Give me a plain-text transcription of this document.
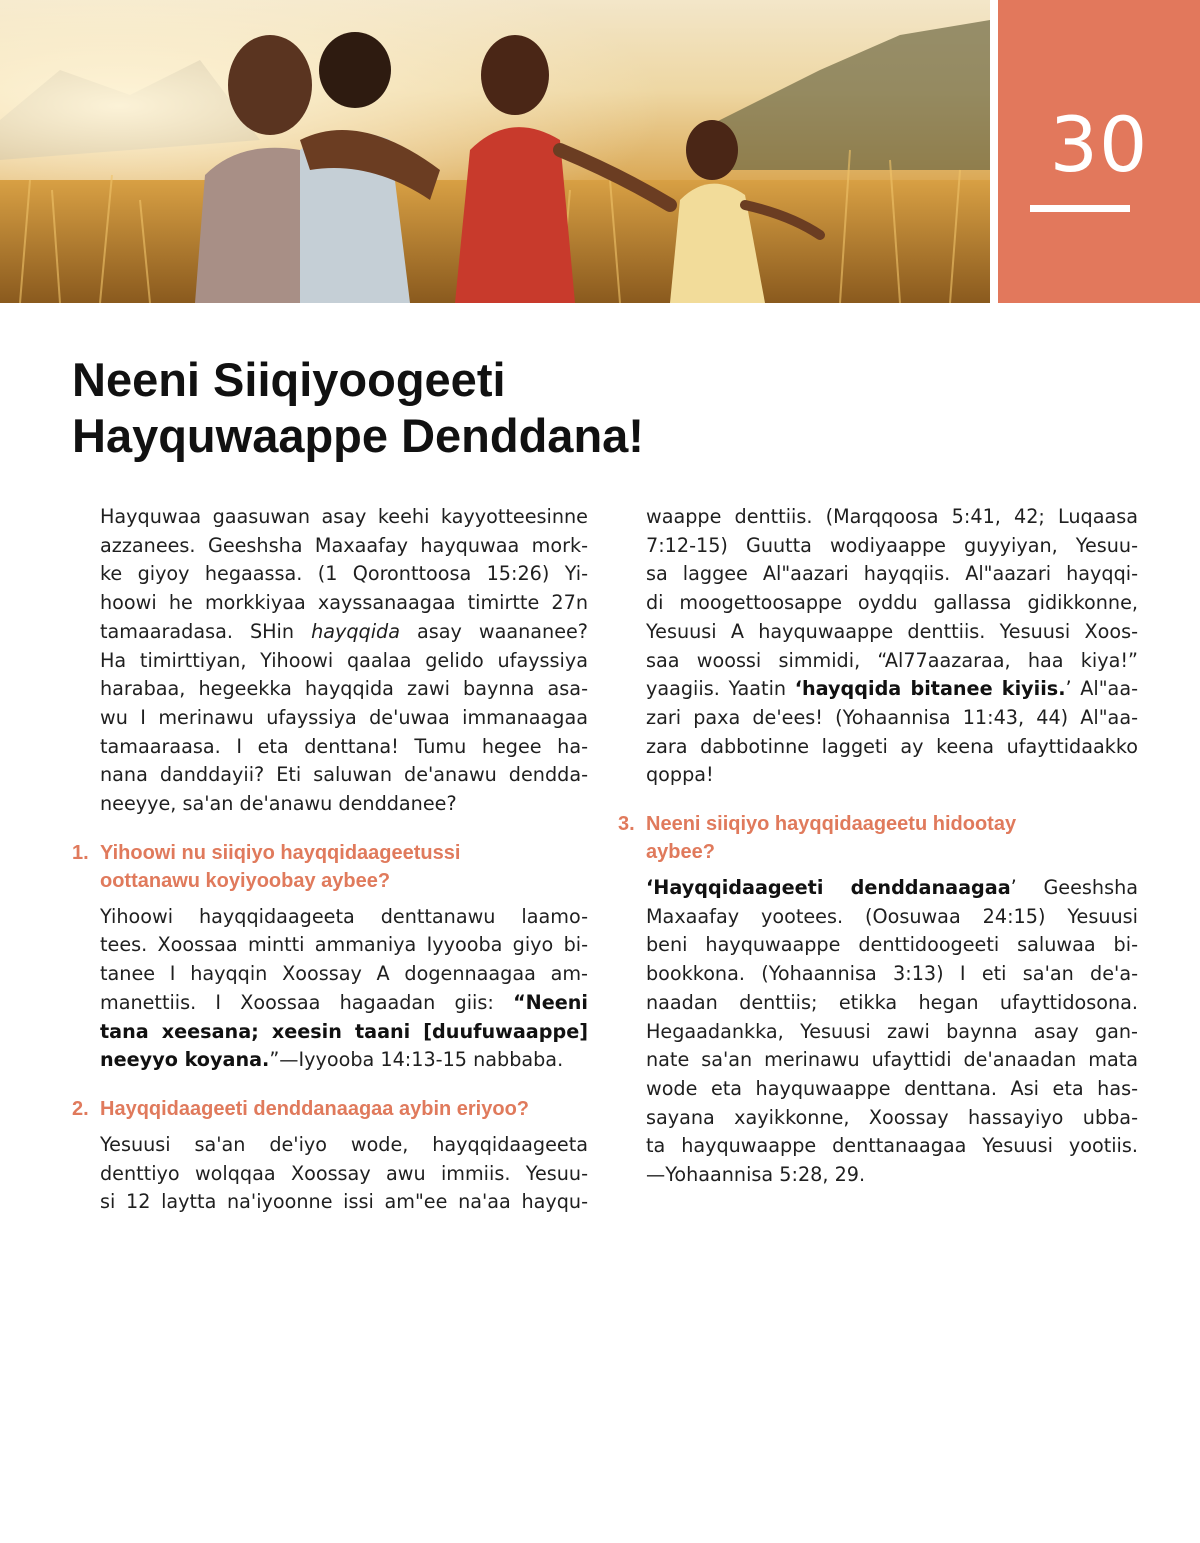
30
Neeni Siiqiyoogeeti
Hayquwaappe Denddana!
Hayquwaa gaasuwan asay keehi kayyotteesinne
azzanees. Geeshsha Maxaafay hayquwaa mork-
ke giyoy hegaassa. (1 Qoronttoosa 15:26) Yi-
hoowi he morkkiyaa xayssanaagaa timirtte 27n
tamaaradasa. SHin hayqqida asay waananee?
Ha timirttiyan, Yihoowi qaalaa gelido ufayssiya
harabaa, hegeekka hayqqida zawi baynna asa-
wu I merinawu ufayssiya de'uwaa immanaagaa
tamaaraasa. I eta denttana! Tumu hegee ha-
nana danddayii? Eti saluwan de'anawu dendda-
neeyye, sa'an de'anawu denddanee?
1. Yihoowi nu siiqiyo hayqqidaageetussi
oottanawu koyiyoobay aybee?
Yihoowi hayqqidaageeta denttanawu laamo-
tees. Xoossaa mintti ammaniya Iyyooba giyo bi-
tanee I hayqqin Xoossay A dogennaagaa am-
manettiis. I Xoossaa hagaadan giis: “Neeni
tana xeesana; xeesin taani [duufuwaappe]
neeyyo koyana.”—Iyyooba 14:13-15 nabbaba.
2. Hayqqidaageeti denddanaagaa aybin eriyoo?
Yesuusi sa'an de'iyo wode, hayqqidaageeta
denttiyo wolqqaa Xoossay awu immiis. Yesuu-
si 12 laytta na'iyoonne issi am"ee na'aa hayqu-
waappe denttiis. (Marqqoosa 5:41, 42; Luqaasa
7:12-15) Guutta wodiyaappe guyyiyan, Yesuu-
sa laggee Al"aazari hayqqiis. Al"aazari hayqqi-
di moogettoosappe oyddu gallassa gidikkonne,
Yesuusi A hayquwaappe denttiis. Yesuusi Xoos-
saa woossi simmidi, “Al77aazaraa, haa kiya!”
yaagiis. Yaatin ‘hayqqida bitanee kiyiis.’ Al"aa-
zari paxa de'ees! (Yohaannisa 11:43, 44) Al"aa-
zara dabbotinne laggeti ay keena ufayttidaakko
qoppa!
3. Neeni siiqiyo hayqqidaageetu hidootay
aybee?
‘Hayqqidaageeti denddanaagaa’ Geeshsha
Maxaafay yootees. (Oosuwaa 24:15) Yesuusi
beni hayquwaappe denttidoogeeti saluwaa bi-
bookkona. (Yohaannisa 3:13) I eti sa'an de'a-
naadan denttiis; etikka hegan ufayttidosona.
Hegaadankka, Yesuusi zawi baynna asay gan-
nate sa'an merinawu ufayttidi de'anaadan mata
wode eta hayquwaappe denttana. Asi eta has-
sayana xayikkonne, Xoossay hassayiyo ubba-
ta hayquwaappe denttanaagaa Yesuusi yootiis.
—Yohaannisa 5:28, 29.
